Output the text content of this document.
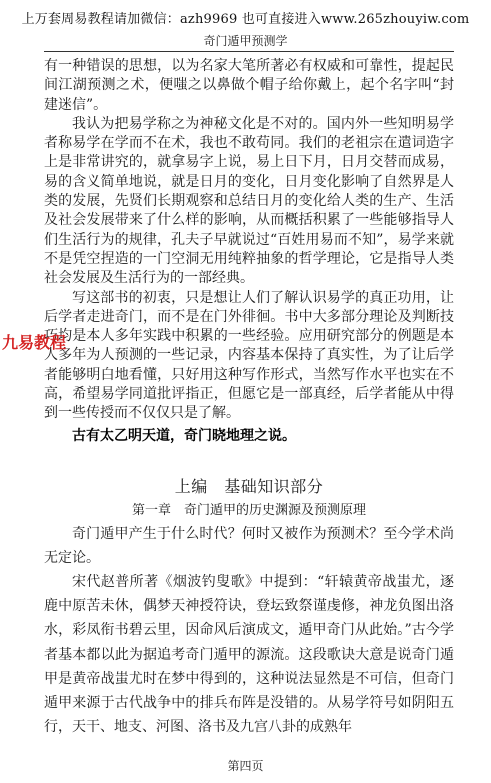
上万套周易教程请加微信：azh9969 也可直接进入www.265zhouyiw.com
奇门遁甲预测学

有一种错误的思想，以为名家大笔所著必有权威和可靠性，提起民间江湖预测之术，便嗤之以鼻做个帽子给你戴上，起个名字叫“封建迷信”。

我认为把易学称之为神秘文化是不对的。国内外一些知明易学者称易学在学而不在术，我也不敢苟同。我们的老祖宗在遣词造字上是非常讲究的，就拿易字上说，易上日下月，日月交替而成易，易的含义简单地说，就是日月的变化，日月变化影响了自然界是人类的发展，先贤们长期观察和总结日月的变化给人类的生产、生活及社会发展带来了什么样的影响，从而概括积累了一些能够指导人们生活行为的规律，孔夫子早就说过“百姓用易而不知”，易学来就不是凭空捏造的一门空洞无用纯粹抽象的哲学理论，它是指导人类社会发展及生活行为的一部经典。

写这部书的初衷，只是想让人们了解认识易学的真正功用，让后学者走进奇门，而不是在门外徘徊。书中大多部分理论及判断技巧均是本人多年实践中积累的一些经验。应用研究部分的例题是本人多年为人预测的一些记录，内容基本保持了真实性，为了让后学者能够明白地看懂，只好用这种写作形式，当然写作水平也实在不高，希望易学同道批评指正，但愿它是一部真经，后学者能从中得到一些传授而不仅仅只是了解。

古有太乙明天道，奇门晓地理之说。

上编　基础知识部分

第一章　奇门遁甲的历史渊源及预测原理

奇门遁甲产生于什么时代？何时又被作为预测术？至今学术尚无定论。

宋代赵普所著《烟波钓叟歌》中提到：“轩辕黄帝战蚩尤，逐鹿中原苦未休，偶梦天神授符诀，登坛致祭谨虔修，神龙负图出洛水，彩凤衔书碧云里，因命风后演成文，遁甲奇门从此始。”古今学者基本都以此为据追考奇门遁甲的源流。这段歌诀大意是说奇门遁甲是黄帝战蚩尤时在梦中得到的，这种说法显然是不可信，但奇门遁甲来源于古代战争中的排兵布阵是没错的。从易学符号如阴阳五行，天干、地支、河图、洛书及九宫八卦的成熟年

九易教程
第四页
